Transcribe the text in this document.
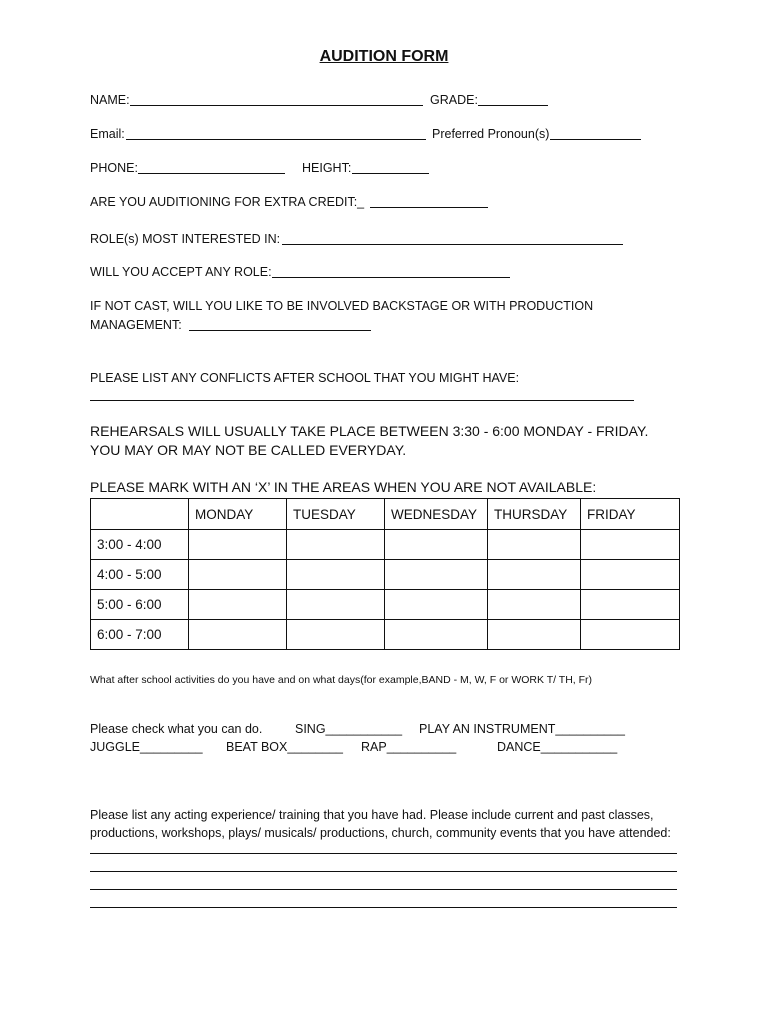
AUDITION FORM
NAME:	GRADE:
Email:	Preferred Pronoun(s)
PHONE:	HEIGHT:
ARE YOU AUDITIONING FOR EXTRA CREDIT:_
ROLE(s) MOST INTERESTED IN:
WILL YOU ACCEPT ANY ROLE:
IF NOT CAST, WILL YOU LIKE TO BE INVOLVED BACKSTAGE OR WITH PRODUCTION
MANAGEMENT:
PLEASE LIST ANY CONFLICTS AFTER SCHOOL THAT YOU MIGHT HAVE:
REHEARSALS WILL USUALLY TAKE PLACE BETWEEN 3:30 - 6:00 MONDAY - FRIDAY.
YOU MAY OR MAY NOT BE CALLED EVERYDAY.
PLEASE MARK WITH AN ‘X’ IN THE AREAS WHEN YOU ARE NOT AVAILABLE:
	MONDAY	TUESDAY	WEDNESDAY	THURSDAY	FRIDAY
3:00 - 4:00					
4:00 - 5:00					
5:00 - 6:00					
6:00 - 7:00					
What after school activities do you have and on what days(for example,BAND - M, W, F or WORK T/ TH, Fr)
Please check what you can do.	SING___________ PLAY AN INSTRUMENT__________
JUGGLE_________ BEAT BOX________ RAP__________	DANCE___________
Please list any acting experience/ training that you have had. Please include current and past classes,
productions, workshops, plays/ musicals/ productions, church, community events that you have attended:
